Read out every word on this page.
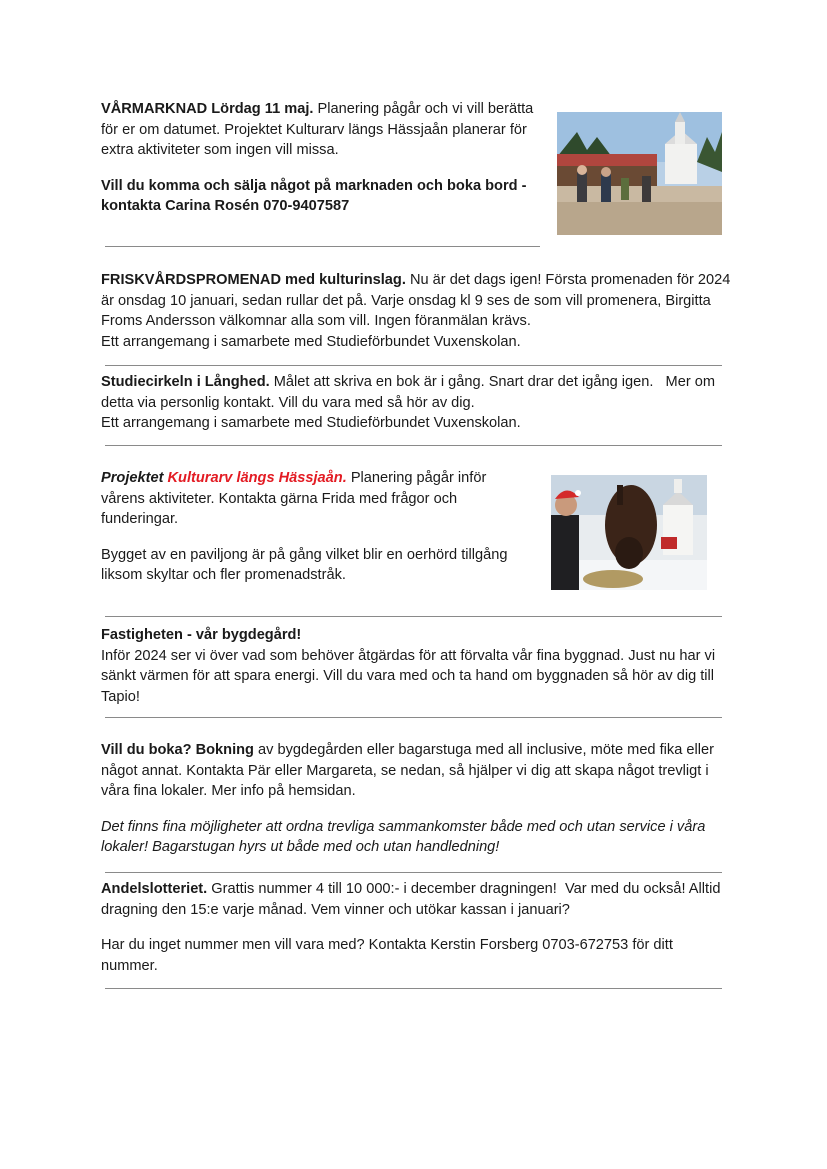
VÅRMARKNAD Lördag 11 maj. Planering pågår och vi vill berätta för er om datumet. Projektet Kulturarv längs Hässjaån planerar för extra aktiviteter som ingen vill missa.

Vill du komma och sälja något på marknaden och boka bord - kontakta Carina Rosén 070-9407587

FRISKVÅRDSPROMENAD med kulturinslag. Nu är det dags igen! Första promenaden för 2024 är onsdag 10 januari, sedan rullar det på. Varje onsdag kl 9 ses de som vill promenera, Birgitta Froms Andersson välkomnar alla som vill. Ingen föranmälan krävs.

Ett arrangemang i samarbete med Studieförbundet Vuxenskolan.

Studiecirkeln i Långhed. Målet att skriva en bok är i gång. Snart drar det igång igen.   Mer om detta via personlig kontakt. Vill du vara med så hör av dig.

Ett arrangemang i samarbete med Studieförbundet Vuxenskolan.

Projektet Kulturarv längs Hässjaån. Planering pågår inför vårens aktiviteter. Kontakta gärna Frida med frågor och funderingar.

Bygget av en paviljong är på gång vilket blir en oerhörd tillgång liksom skyltar och fler promenadstråk.

Fastigheten - vår bygdegård!

Inför 2024 ser vi över vad som behöver åtgärdas för att förvalta vår fina byggnad. Just nu har vi sänkt värmen för att spara energi. Vill du vara med och ta hand om byggnaden så hör av dig till Tapio!

Vill du boka? Bokning av bygdegården eller bagarstuga med all inclusive, möte med fika eller något annat. Kontakta Pär eller Margareta, se nedan, så hjälper vi dig att skapa något trevligt i våra fina lokaler. Mer info på hemsidan.

Det finns fina möjligheter att ordna trevliga sammankomster både med och utan service i våra lokaler! Bagarstugan hyrs ut både med och utan handledning!

Andelslotteriet. Grattis nummer 4 till 10 000:- i december dragningen!  Var med du också! Alltid dragning den 15:e varje månad. Vem vinner och utökar kassan i januari?

Har du inget nummer men vill vara med? Kontakta Kerstin Forsberg 0703-672753 för ditt nummer.
